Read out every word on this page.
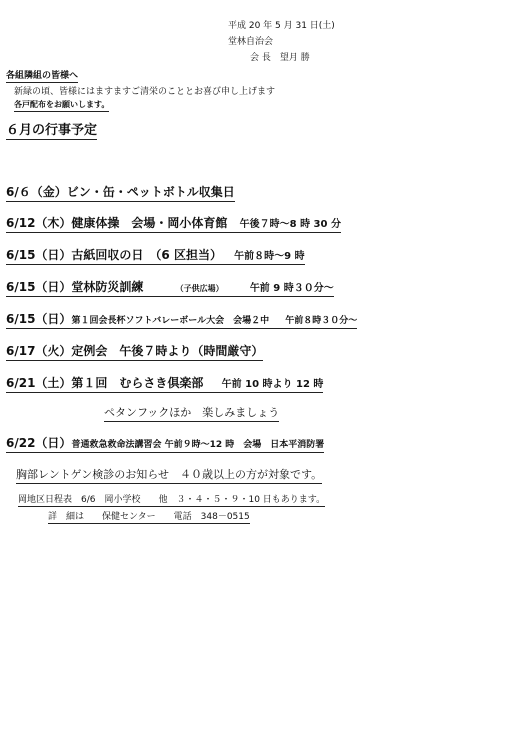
平成 20 年 5 月 31 日(土)
堂林自治会
会 長　望月 勝
各組隣組の皆様へ
新緑の頃、皆様にはますますご清栄のこととお喜び申し上げます
各戸配布をお願いします。
６月の行事予定
6/６（金）ビン・缶・ペットボトル収集日
6/12（木）健康体操　会場・岡小体育館 午後７時～8 時 30 分
6/15（日）古紙回収の日　（6 区担当） 午前８時～9 時
6/15（日）堂林防災訓練	（子供広場）	午前 9 時３０分～
6/15（日）第１回会長杯ソフトバレーボール大会　会場２中 午前８時３０分～
6/17（火）定例会　午後７時より（時間厳守）
6/21（土）第１回　むらさき倶楽部 午前 10 時より 12 時
ペタンフックほか　楽しみましょう
6/22（日）普通救急救命法講習会 午前９時～12 時　会場　日本平消防署
胸部レントゲン検診のお知らせ　４０歳以上の方が対象です。
岡地区日程表　6/6　岡小学校　　他　３・４・５・９・10 日もあります。
詳　細は　　保健センター　　電話　348－0515
